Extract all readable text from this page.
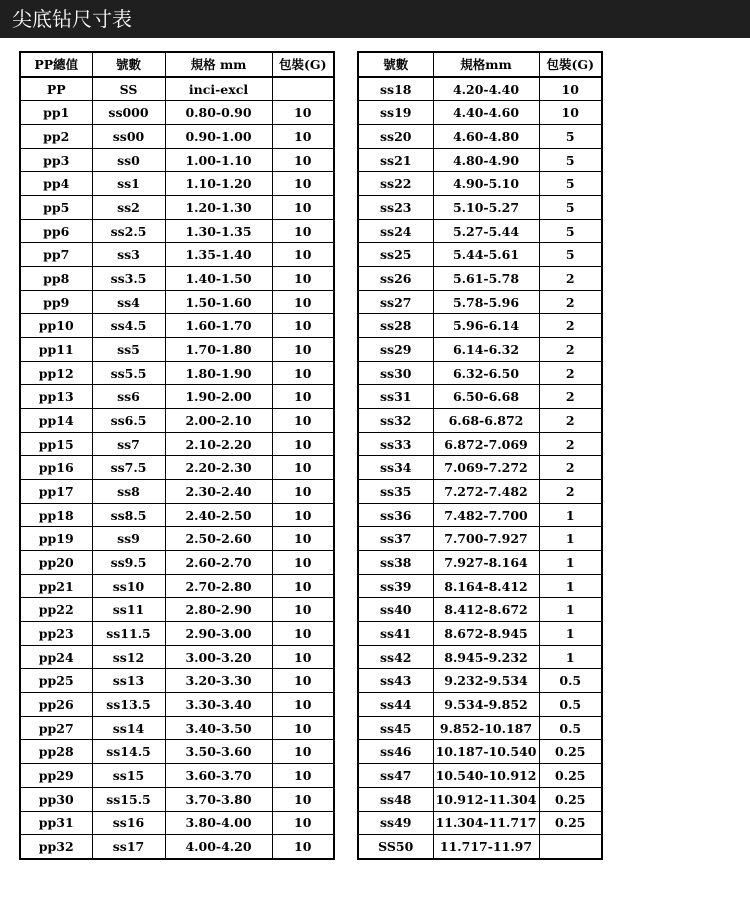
尖底钻尺寸表
PP總值	號數	規格 mm	包裝(G)
PP	SS	inci-excl	
pp1	ss000	0.80-0.90	10
pp2	ss00	0.90-1.00	10
pp3	ss0	1.00-1.10	10
pp4	ss1	1.10-1.20	10
pp5	ss2	1.20-1.30	10
pp6	ss2.5	1.30-1.35	10
pp7	ss3	1.35-1.40	10
pp8	ss3.5	1.40-1.50	10
pp9	ss4	1.50-1.60	10
pp10	ss4.5	1.60-1.70	10
pp11	ss5	1.70-1.80	10
pp12	ss5.5	1.80-1.90	10
pp13	ss6	1.90-2.00	10
pp14	ss6.5	2.00-2.10	10
pp15	ss7	2.10-2.20	10
pp16	ss7.5	2.20-2.30	10
pp17	ss8	2.30-2.40	10
pp18	ss8.5	2.40-2.50	10
pp19	ss9	2.50-2.60	10
pp20	ss9.5	2.60-2.70	10
pp21	ss10	2.70-2.80	10
pp22	ss11	2.80-2.90	10
pp23	ss11.5	2.90-3.00	10
pp24	ss12	3.00-3.20	10
pp25	ss13	3.20-3.30	10
pp26	ss13.5	3.30-3.40	10
pp27	ss14	3.40-3.50	10
pp28	ss14.5	3.50-3.60	10
pp29	ss15	3.60-3.70	10
pp30	ss15.5	3.70-3.80	10
pp31	ss16	3.80-4.00	10
pp32	ss17	4.00-4.20	10
號數	規格mm	包裝(G)
ss18	4.20-4.40	10
ss19	4.40-4.60	10
ss20	4.60-4.80	5
ss21	4.80-4.90	5
ss22	4.90-5.10	5
ss23	5.10-5.27	5
ss24	5.27-5.44	5
ss25	5.44-5.61	5
ss26	5.61-5.78	2
ss27	5.78-5.96	2
ss28	5.96-6.14	2
ss29	6.14-6.32	2
ss30	6.32-6.50	2
ss31	6.50-6.68	2
ss32	6.68-6.872	2
ss33	6.872-7.069	2
ss34	7.069-7.272	2
ss35	7.272-7.482	2
ss36	7.482-7.700	1
ss37	7.700-7.927	1
ss38	7.927-8.164	1
ss39	8.164-8.412	1
ss40	8.412-8.672	1
ss41	8.672-8.945	1
ss42	8.945-9.232	1
ss43	9.232-9.534	0.5
ss44	9.534-9.852	0.5
ss45	9.852-10.187	0.5
ss46	10.187-10.540	0.25
ss47	10.540-10.912	0.25
ss48	10.912-11.304	0.25
ss49	11.304-11.717	0.25
SS50	11.717-11.97	
